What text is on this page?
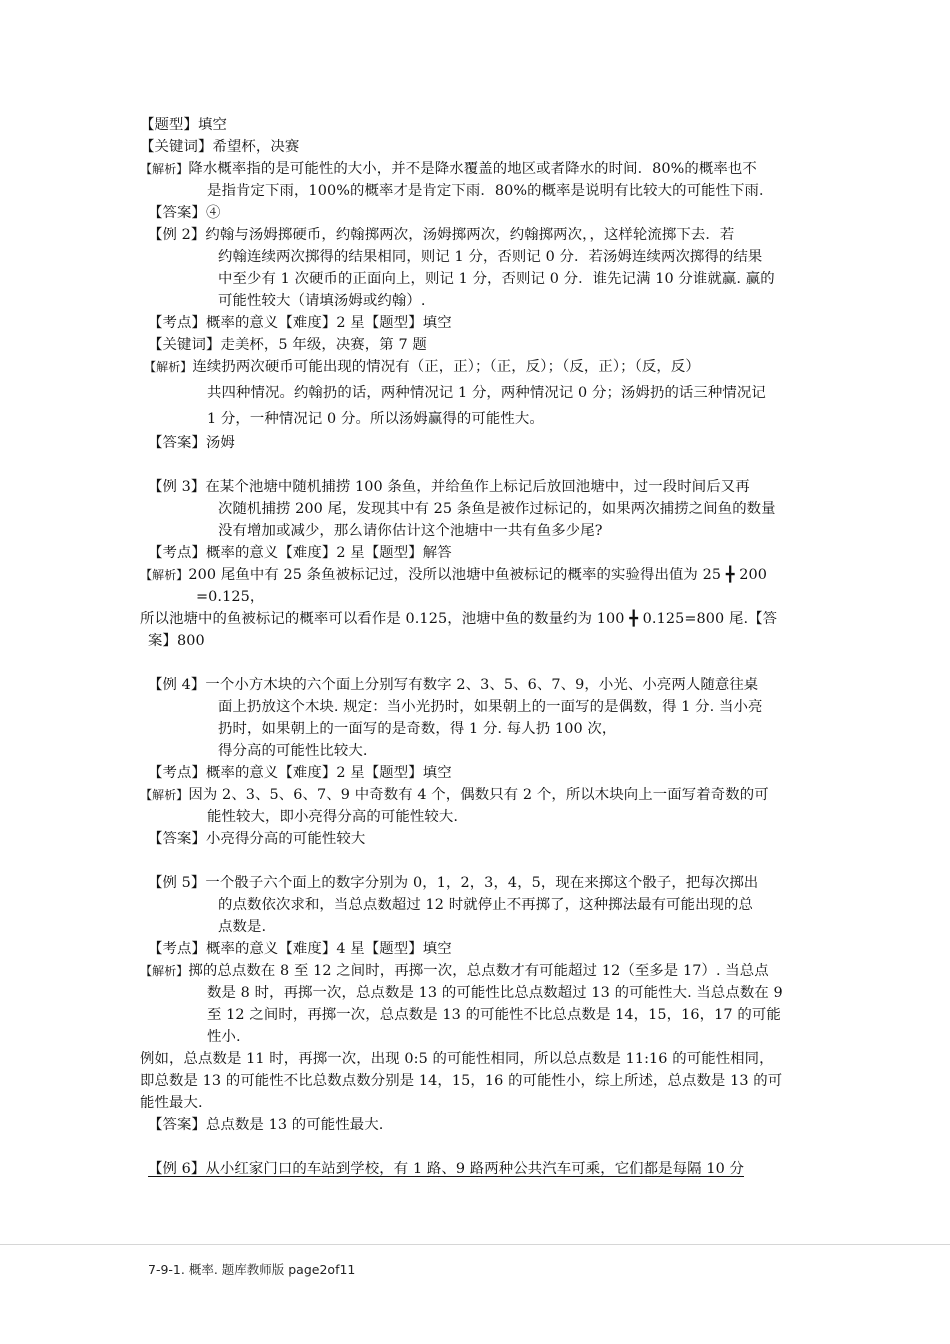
【题型】填空
【关键词】希望杯，决赛
【解析】降水概率指的是可能性的大小，并不是降水覆盖的地区或者降水的时间．80%的概率也不
是指肯定下雨，100%的概率才是肯定下雨．80%的概率是说明有比较大的可能性下雨．
【答案】④
【例 2】约翰与汤姆掷硬币，约翰掷两次，汤姆掷两次，约翰掷两次，，这样轮流掷下去．若
约翰连续两次掷得的结果相同，则记 1 分，否则记 0 分．若汤姆连续两次掷得的结果
中至少有 1 次硬币的正面向上，则记 1 分，否则记 0 分．谁先记满 10 分谁就赢. 赢的
可能性较大（请填汤姆或约翰）.
【考点】概率的意义【难度】2 星【题型】填空
【关键词】走美杯，5 年级，决赛，第 7 题
【解析】连续扔两次硬币可能出现的情况有（正，正）；（正，反）；（反，正）；（反，反）
共四种情况。约翰扔的话，两种情况记 1 分，两种情况记 0 分；汤姆扔的话三种情况记
1 分，一种情况记 0 分。所以汤姆赢得的可能性大。
【答案】汤姆
【例 3】在某个池塘中随机捕捞 100 条鱼，并给鱼作上标记后放回池塘中，过一段时间后又再
次随机捕捞 200 尾，发现其中有 25 条鱼是被作过标记的，如果两次捕捞之间鱼的数量
没有增加或减少，那么请你估计这个池塘中一共有鱼多少尾?
【考点】概率的意义【难度】2 星【题型】解答
【解析】200 尾鱼中有 25 条鱼被标记过，没所以池塘中鱼被标记的概率的实验得出值为 25 ╋ 200
=0.125，
所以池塘中的鱼被标记的概率可以看作是 0.125，池塘中鱼的数量约为 100 ╋ 0.125=800 尾.【答
案】800
【例 4】一个小方木块的六个面上分别写有数字 2、3、5、6、7、9，小光、小亮两人随意往桌
面上扔放这个木块. 规定：当小光扔时，如果朝上的一面写的是偶数，得 1 分. 当小亮
扔时，如果朝上的一面写的是奇数，得 1 分. 每人扔 100 次，
得分高的可能性比较大.
【考点】概率的意义【难度】2 星【题型】填空
【解析】因为 2、3、5、6、7、9 中奇数有 4 个，偶数只有 2 个，所以木块向上一面写着奇数的可
能性较大，即小亮得分高的可能性较大.
【答案】小亮得分高的可能性较大
【例 5】一个骰子六个面上的数字分别为 0，1，2，3，4，5，现在来掷这个骰子，把每次掷出
的点数依次求和，当总点数超过 12 时就停止不再掷了，这种掷法最有可能出现的总
点数是.
【考点】概率的意义【难度】4 星【题型】填空
【解析】掷的总点数在 8 至 12 之间时，再掷一次，总点数才有可能超过 12（至多是 17）. 当总点
数是 8 时，再掷一次，总点数是 13 的可能性比总点数超过 13 的可能性大. 当总点数在 9
至 12 之间时，再掷一次，总点数是 13 的可能性不比总点数是 14，15，16，17 的可能
性小.
例如，总点数是 11 时，再掷一次，出现 0:5 的可能性相同，所以总点数是 11:16 的可能性相同，
即总数是 13 的可能性不比总数点数分别是 14，15，16 的可能性小，综上所述，总点数是 13 的可
能性最大.
【答案】总点数是 13 的可能性最大.
【例 6】从小红家门口的车站到学校，有 1 路、9 路两种公共汽车可乘，它们都是每隔 10 分
7-9-1. 概率. 题库教师版 page2of11
